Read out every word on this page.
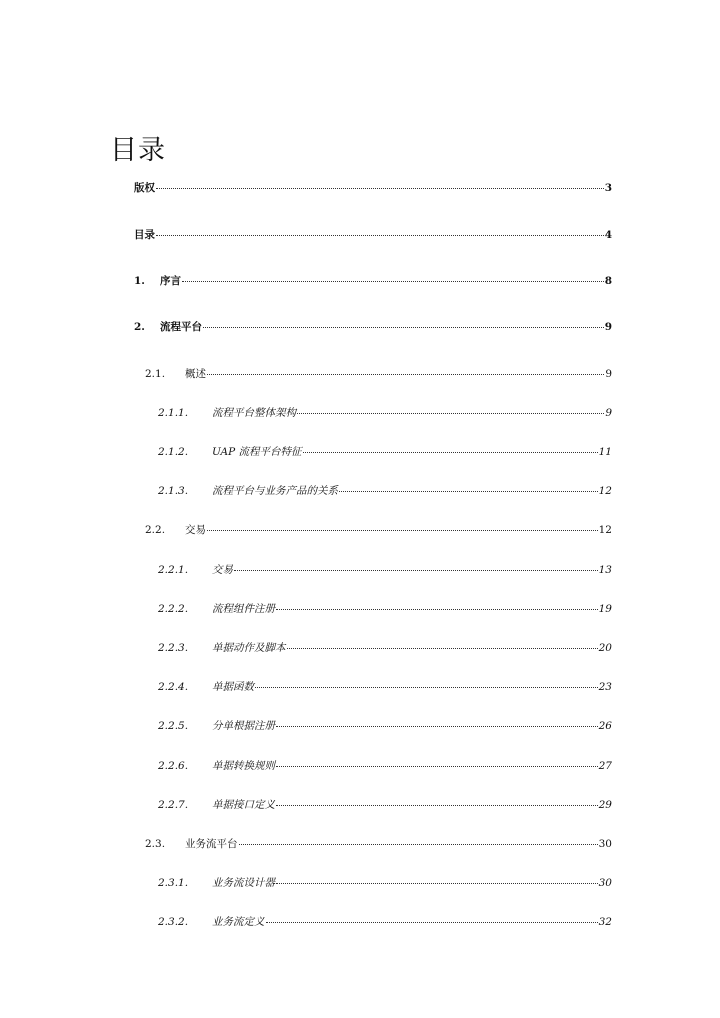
目录
版权	3
目录	4
1.	序言	8
2.	流程平台	9
2.1.	概述	9
2.1.1.	流程平台整体架构	9
2.1.2.	UAP 流程平台特征	11
2.1.3.	流程平台与业务产品的关系	12
2.2.	交易	12
2.2.1.	交易	13
2.2.2.	流程组件注册	19
2.2.3.	单据动作及脚本	20
2.2.4.	单据函数	23
2.2.5.	分单根据注册	26
2.2.6.	单据转换规则	27
2.2.7.	单据接口定义	29
2.3.	业务流平台	30
2.3.1.	业务流设计器	30
2.3.2.	业务流定义	32
